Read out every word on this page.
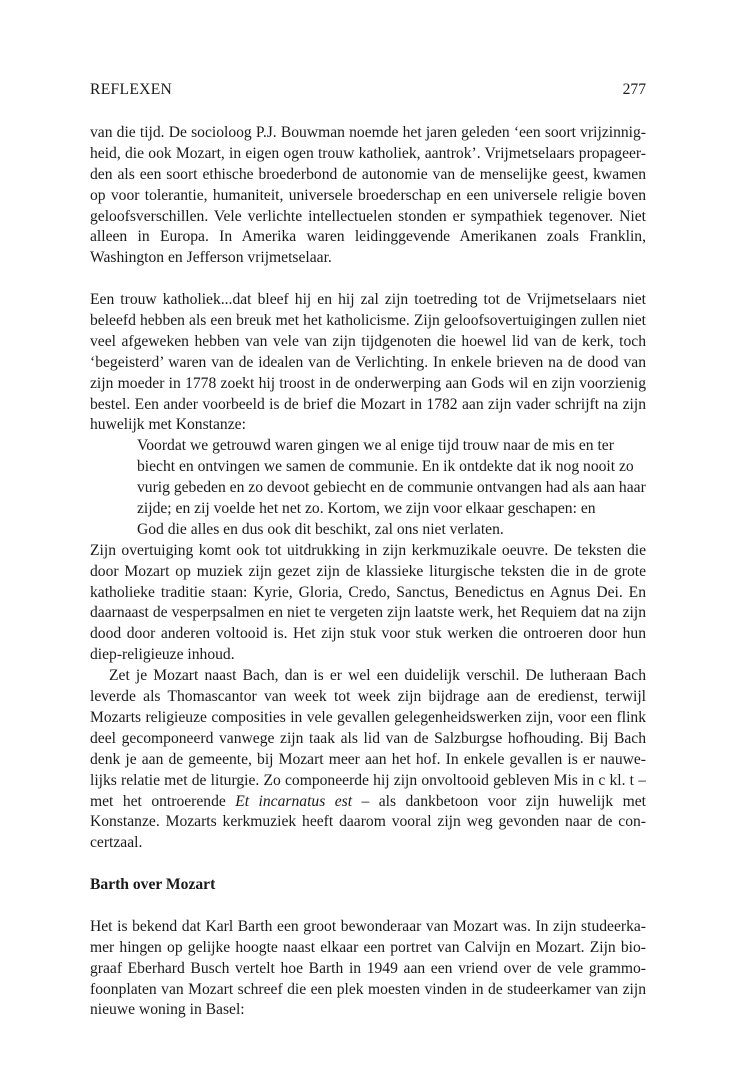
REFLEXEN	277
van die tijd. De socioloog P.J. Bouwman noemde het jaren geleden ‘een soort vrijzinnig-
heid, die ook Mozart, in eigen ogen trouw katholiek, aantrok’. Vrijmetselaars propageer-
den als een soort ethische broederbond de autonomie van de menselijke geest, kwamen
op voor tolerantie, humaniteit, universele broederschap en een universele religie boven
geloofsverschillen. Vele verlichte intellectuelen stonden er sympathiek tegenover. Niet
alleen in Europa. In Amerika waren leidinggevende Amerikanen zoals Franklin,
Washington en Jefferson vrijmetselaar.
Een trouw katholiek...dat bleef hij en hij zal zijn toetreding tot de Vrijmetselaars niet
beleefd hebben als een breuk met het katholicisme. Zijn geloofsovertuigingen zullen niet
veel afgeweken hebben van vele van zijn tijdgenoten die hoewel lid van de kerk, toch
‘begeisterd’ waren van de idealen van de Verlichting. In enkele brieven na de dood van
zijn moeder in 1778 zoekt hij troost in de onderwerping aan Gods wil en zijn voorzienig
bestel. Een ander voorbeeld is de brief die Mozart in 1782 aan zijn vader schrijft na zijn
huwelijk met Konstanze:
Voordat we getrouwd waren gingen we al enige tijd trouw naar de mis en ter
biecht en ontvingen we samen de communie. En ik ontdekte dat ik nog nooit zo
vurig gebeden en zo devoot gebiecht en de communie ontvangen had als aan haar
zijde; en zij voelde het net zo. Kortom, we zijn voor elkaar geschapen: en
God die alles en dus ook dit beschikt, zal ons niet verlaten.
Zijn overtuiging komt ook tot uitdrukking in zijn kerkmuzikale oeuvre. De teksten die
door Mozart op muziek zijn gezet zijn de klassieke liturgische teksten die in de grote
katholieke traditie staan: Kyrie, Gloria, Credo, Sanctus, Benedictus en Agnus Dei. En
daarnaast de vesperpsalmen en niet te vergeten zijn laatste werk, het Requiem dat na zijn
dood door anderen voltooid is. Het zijn stuk voor stuk werken die ontroeren door hun
diep-religieuze inhoud.
Zet je Mozart naast Bach, dan is er wel een duidelijk verschil. De lutheraan Bach
leverde als Thomascantor van week tot week zijn bijdrage aan de eredienst, terwijl
Mozarts religieuze composities in vele gevallen gelegenheidswerken zijn, voor een flink
deel gecomponeerd vanwege zijn taak als lid van de Salzburgse hofhouding. Bij Bach
denk je aan de gemeente, bij Mozart meer aan het hof. In enkele gevallen is er nauwe-
lijks relatie met de liturgie. Zo componeerde hij zijn onvoltooid gebleven Mis in c kl. t –
met het ontroerende Et incarnatus est – als dankbetoon voor zijn huwelijk met
Konstanze. Mozarts kerkmuziek heeft daarom vooral zijn weg gevonden naar de con-
certzaal.
Barth over Mozart
Het is bekend dat Karl Barth een groot bewonderaar van Mozart was. In zijn studeerka-
mer hingen op gelijke hoogte naast elkaar een portret van Calvijn en Mozart. Zijn bio-
graaf Eberhard Busch vertelt hoe Barth in 1949 aan een vriend over de vele grammo-
foonplaten van Mozart schreef die een plek moesten vinden in de studeerkamer van zijn
nieuwe woning in Basel:
